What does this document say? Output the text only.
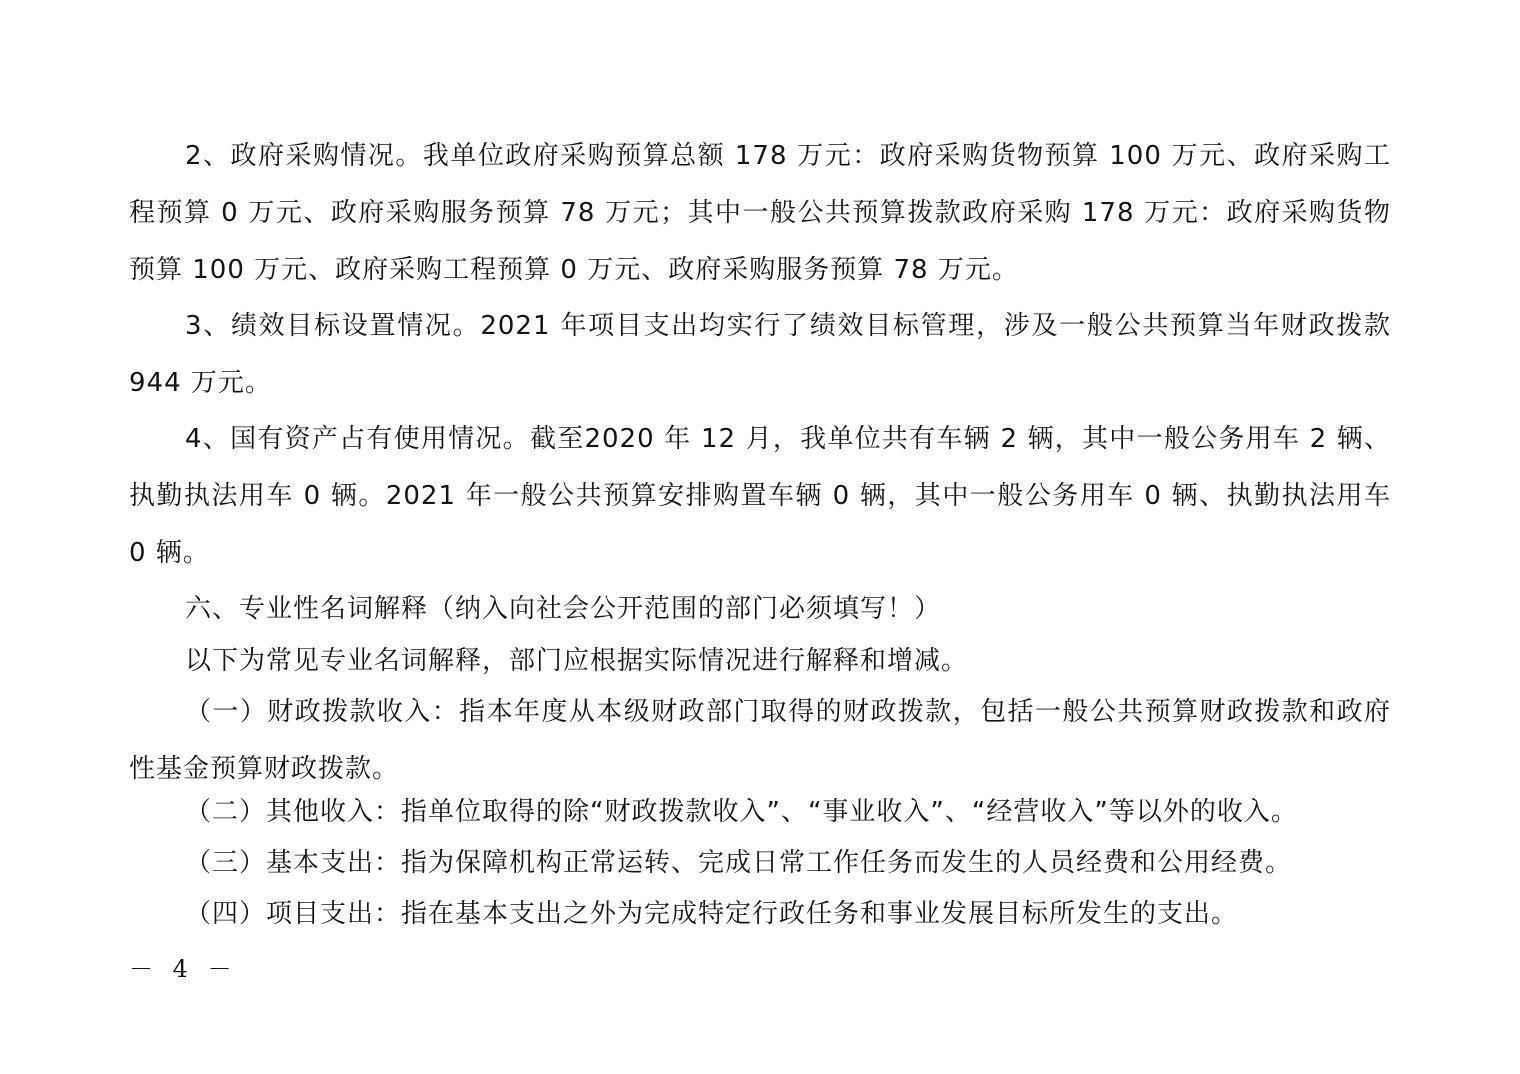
2、政府采购情况。我单位政府采购预算总额 178 万元：政府采购货物预算 100 万元、政府采购工程预算 0 万元、政府采购服务预算 78 万元；其中一般公共预算拨款政府采购 178 万元：政府采购货物预算 100 万元、政府采购工程预算 0 万元、政府采购服务预算 78 万元。

3、绩效目标设置情况。2021 年项目支出均实行了绩效目标管理，涉及一般公共预算当年财政拨款 944 万元。

4、国有资产占有使用情况。截至2020 年 12 月，我单位共有车辆 2 辆，其中一般公务用车 2 辆、执勤执法用车 0 辆。2021 年一般公共预算安排购置车辆 0 辆，其中一般公务用车 0 辆、执勤执法用车 0 辆。

六、专业性名词解释（纳入向社会公开范围的部门必须填写！）

以下为常见专业名词解释，部门应根据实际情况进行解释和增减。

（一）财政拨款收入：指本年度从本级财政部门取得的财政拨款，包括一般公共预算财政拨款和政府性基金预算财政拨款。

（二）其他收入：指单位取得的除“财政拨款收入”、“事业收入”、“经营收入”等以外的收入。

（三）基本支出：指为保障机构正常运转、完成日常工作任务而发生的人员经费和公用经费。

（四）项目支出：指在基本支出之外为完成特定行政任务和事业发展目标所发生的支出。

－ 4 －
